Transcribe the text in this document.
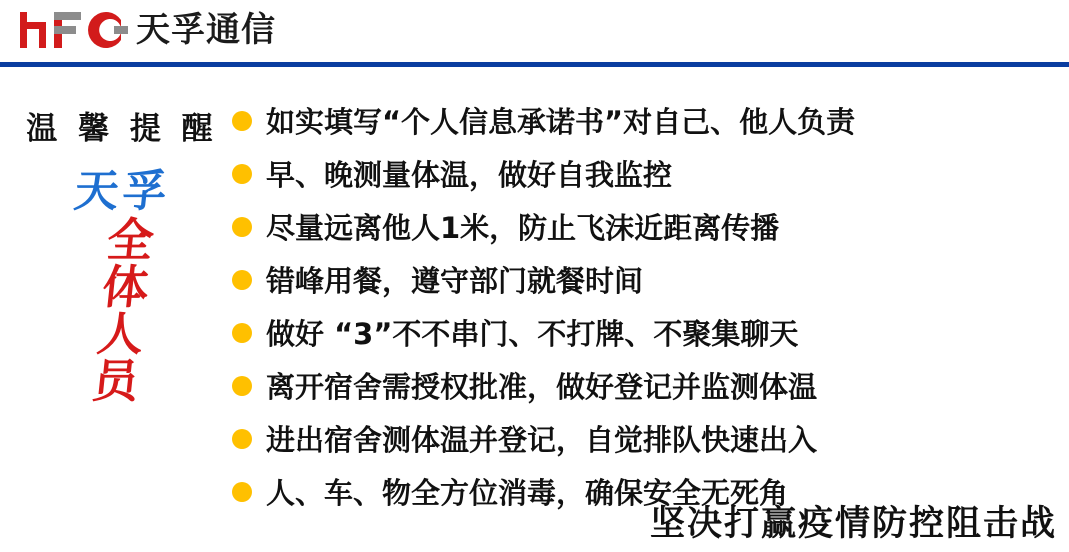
天孚通信
温 馨 提 醒
天孚
全
体
人
员
如实填写“个人信息承诺书”对自己、他人负责
早、晚测量体温，做好自我监控
尽量远离他人1米，防止飞沫近距离传播
错峰用餐，遵守部门就餐时间
做好 “3”不不串门、不打牌、不聚集聊天
离开宿舍需授权批准，做好登记并监测体温
进出宿舍测体温并登记，自觉排队快速出入
人、车、物全方位消毒，确保安全无死角
坚决打赢疫情防控阻击战
